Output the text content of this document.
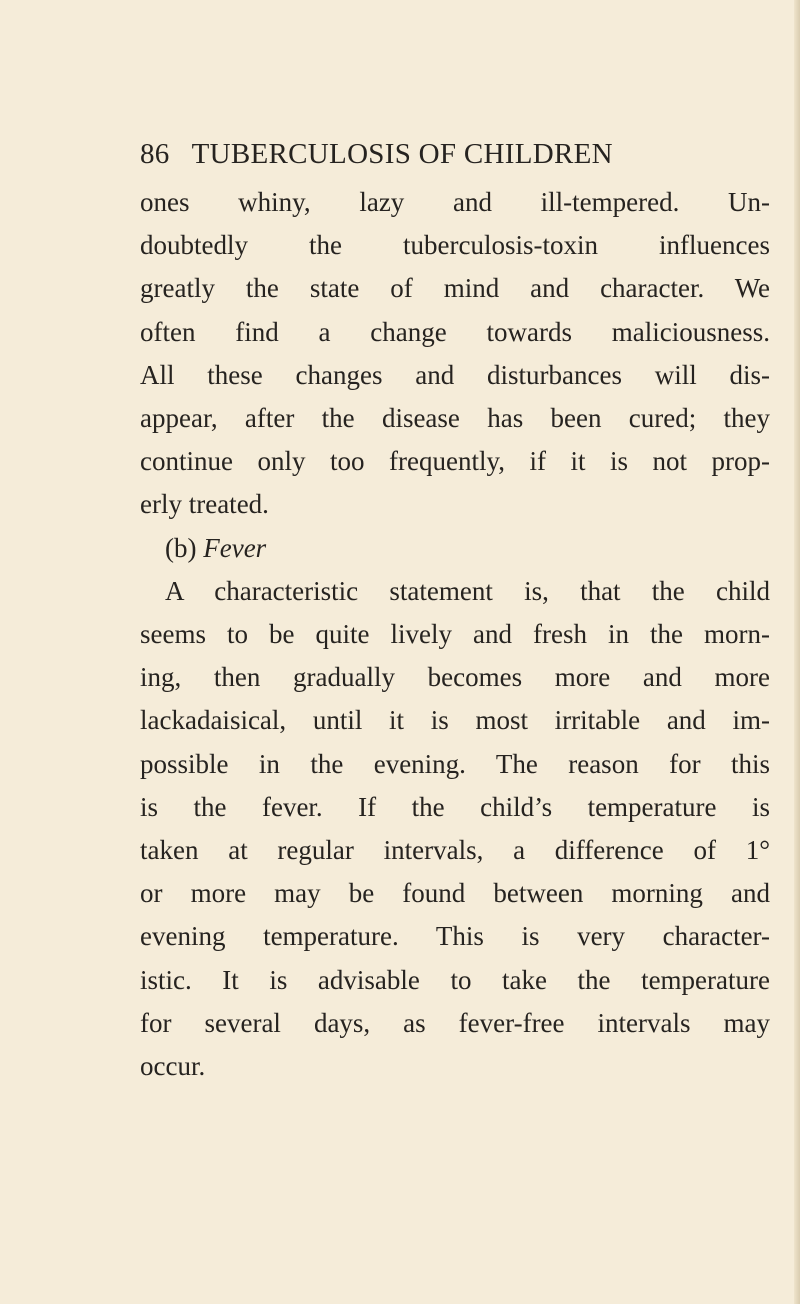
86 TUBERCULOSIS OF CHILDREN
ones whiny, lazy and ill-tempered. Un-
doubtedly the tuberculosis-toxin influences
greatly the state of mind and character. We
often find a change towards maliciousness.
All these changes and disturbances will dis-
appear, after the disease has been cured; they
continue only too frequently, if it is not prop-
erly treated.
(b) Fever
A characteristic statement is, that the child
seems to be quite lively and fresh in the morn-
ing, then gradually becomes more and more
lackadaisical, until it is most irritable and im-
possible in the evening. The reason for this
is the fever. If the child’s temperature is
taken at regular intervals, a difference of 1°
or more may be found between morning and
evening temperature. This is very character-
istic. It is advisable to take the temperature
for several days, as fever-free intervals may
occur.
